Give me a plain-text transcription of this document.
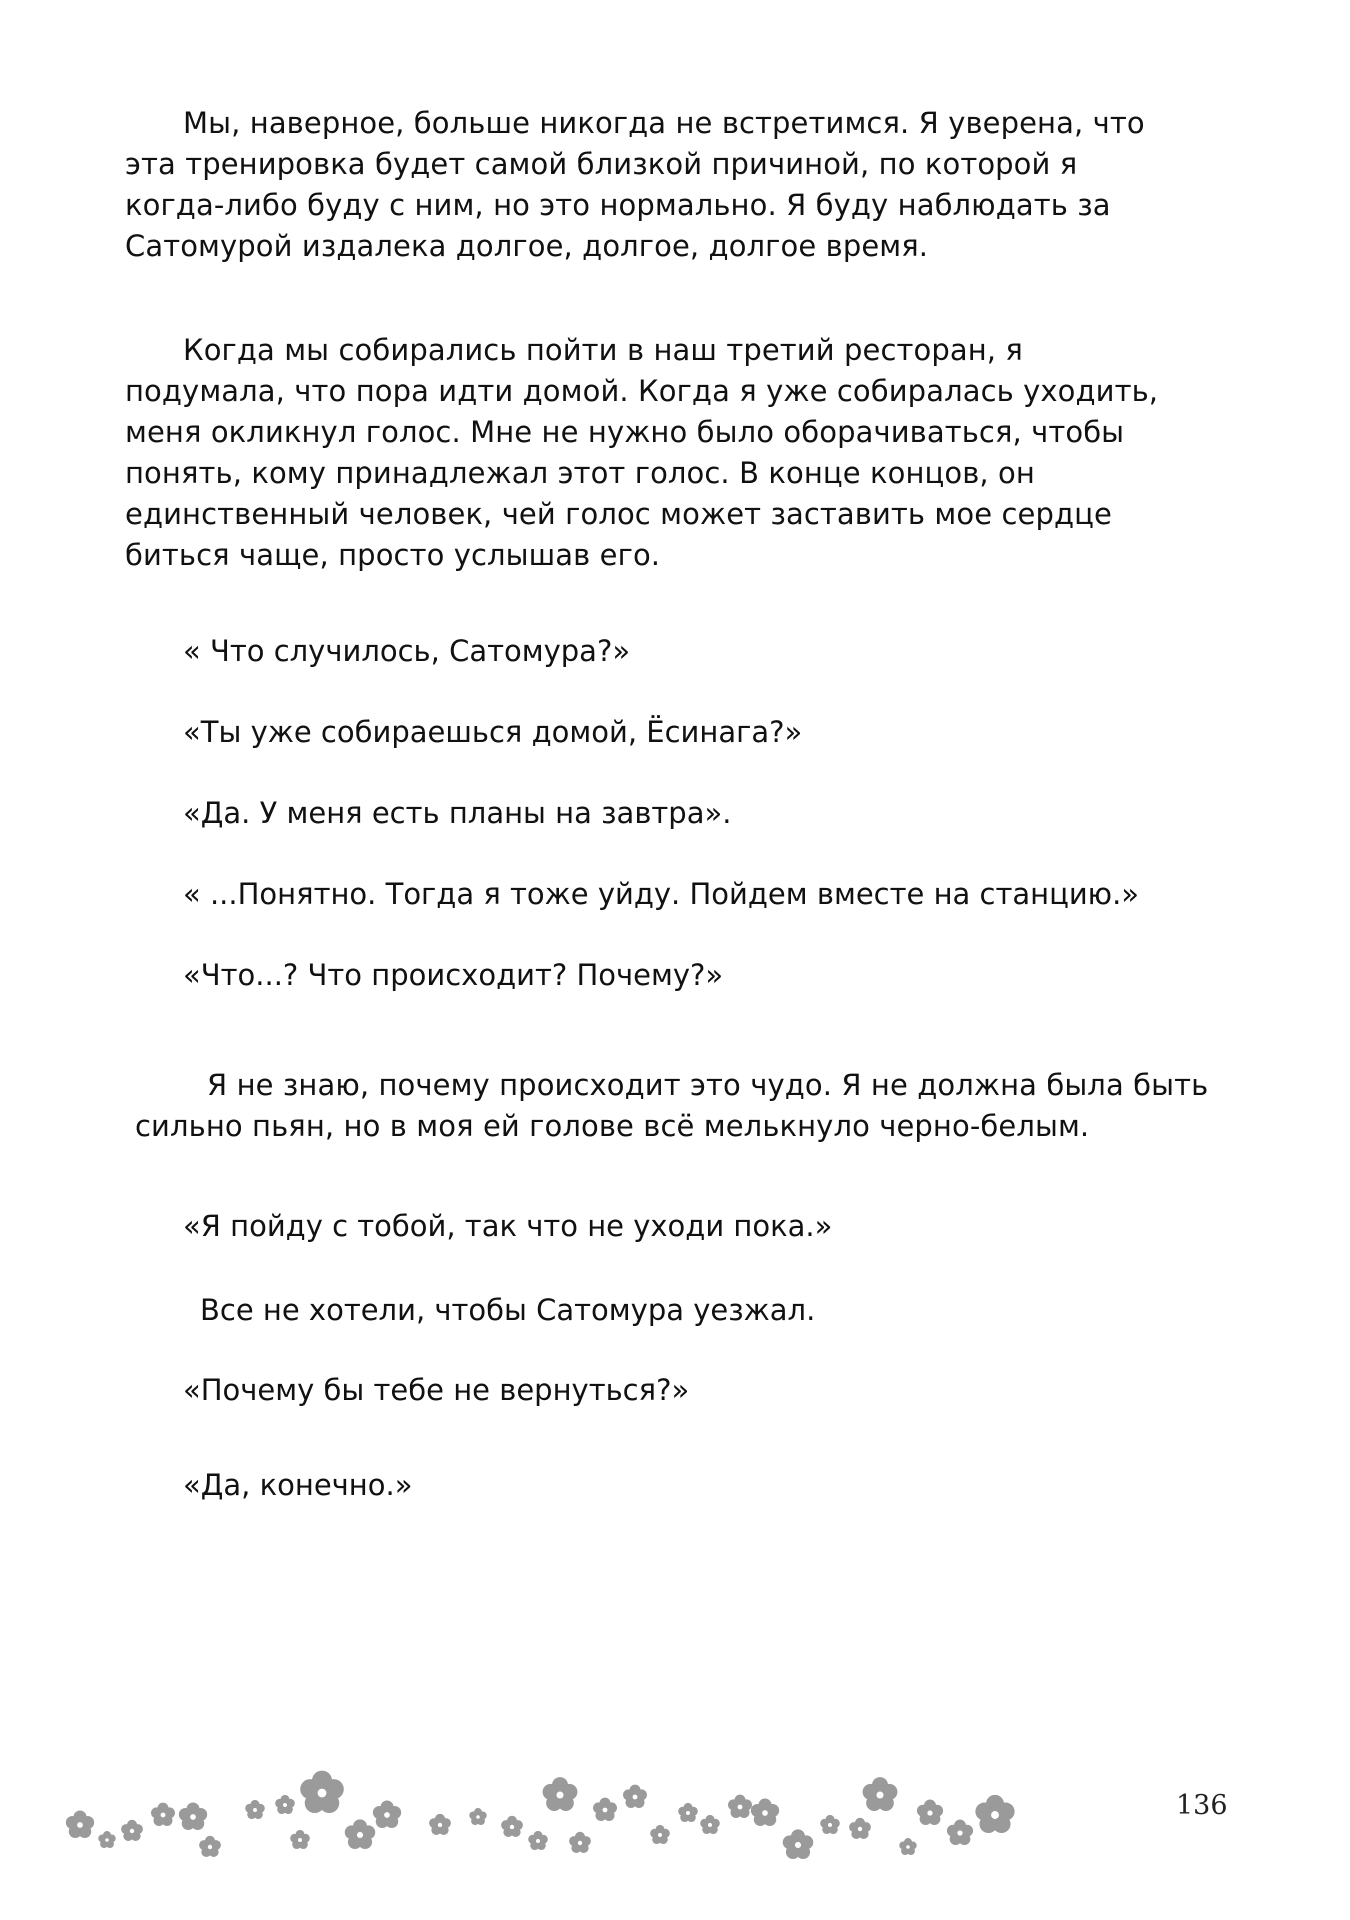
Мы, наверное, больше никогда не встретимся. Я уверена, что
эта тренировка будет самой близкой причиной, по которой я
когда-либо буду с ним, но это нормально. Я буду наблюдать за
Сатомурой издалека долгое, долгое, долгое время.

Когда мы собирались пойти в наш третий ресторан, я
подумала, что пора идти домой. Когда я уже собиралась уходить,
меня окликнул голос. Мне не нужно было оборачиваться, чтобы
понять, кому принадлежал этот голос. В конце концов, он
единственный человек, чей голос может заставить мое сердце
биться чаще, просто услышав его.

« Что случилось, Сатомура?»

«Ты уже собираешься домой, Ёсинага?»

«Да. У меня есть планы на завтра».

« ...Понятно. Тогда я тоже уйду. Пойдем вместе на станцию.»

«Что...? Что происходит? Почему?»

Я не знаю, почему происходит это чудо. Я не должна была быть
сильно пьян, но в моя ей голове всё мелькнуло черно-белым.

«Я пойду с тобой, так что не уходи пока.»

Все не хотели, чтобы Сатомура уезжал.

«Почему бы тебе не вернуться?»

«Да, конечно.»

136
